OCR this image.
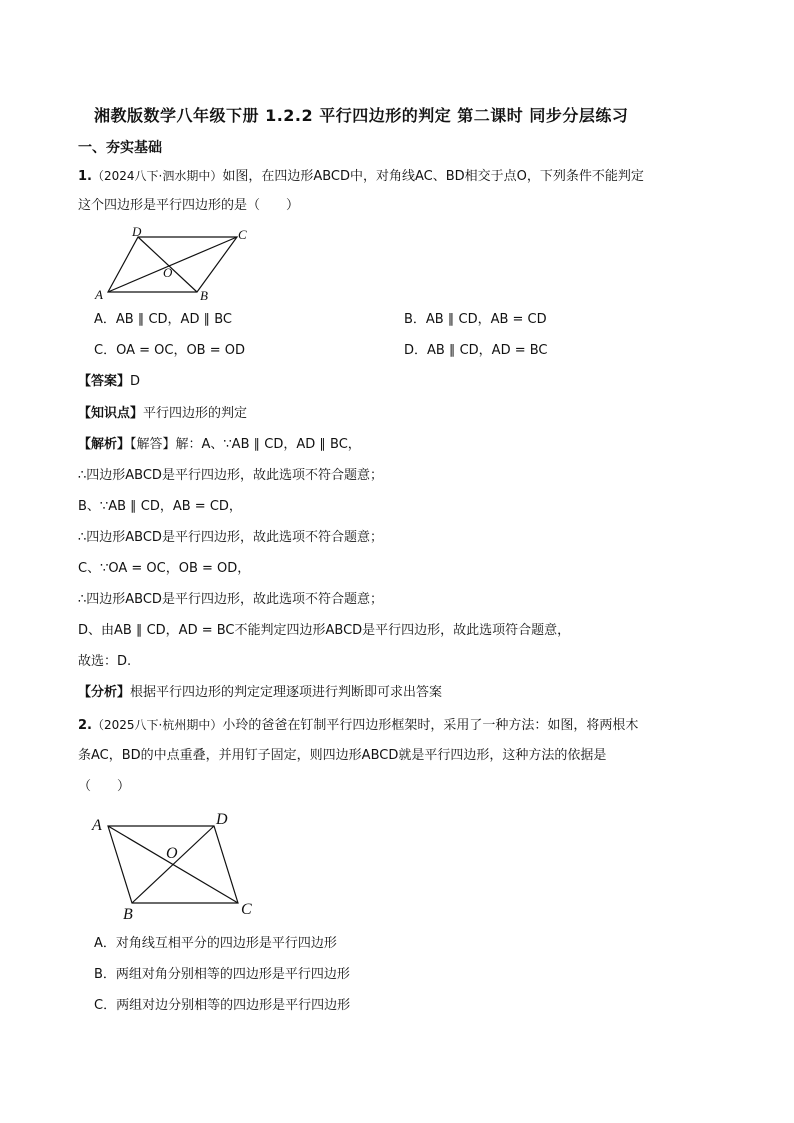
湘教版数学八年级下册 1.2.2 平行四边形的判定 第二课时 同步分层练习
一、夯实基础
1.（2024八下·泗水期中）如图，在四边形ABCD中，对角线AC、BD相交于点O，下列条件不能判定
这个四边形是平行四边形的是（　　）
A	B
C
D
O
A．AB ∥ CD，AD ∥ BC	B．AB ∥ CD，AB = CD
C．OA = OC，OB = OD	D．AB ∥ CD，AD = BC
【答案】D
【知识点】平行四边形的判定
【解析】【解答】解：A、∵AB ∥ CD，AD ∥ BC，
∴四边形ABCD是平行四边形，故此选项不符合题意；
B、∵AB ∥ CD，AB = CD，
∴四边形ABCD是平行四边形，故此选项不符合题意；
C、∵OA = OC，OB = OD，
∴四边形ABCD是平行四边形，故此选项不符合题意；
D、由AB ∥ CD，AD = BC不能判定四边形ABCD是平行四边形，故此选项符合题意，
故选：D.
【分析】根据平行四边形的判定定理逐项进行判断即可求出答案
2.（2025八下·杭州期中）小玲的爸爸在钉制平行四边形框架时，采用了一种方法：如图，将两根木
条AC，BD的中点重叠，并用钉子固定，则四边形ABCD就是平行四边形，这种方法的依据是
（　　）
A
B	C
D
O
A．对角线互相平分的四边形是平行四边形
B．两组对角分别相等的四边形是平行四边形
C．两组对边分别相等的四边形是平行四边形
